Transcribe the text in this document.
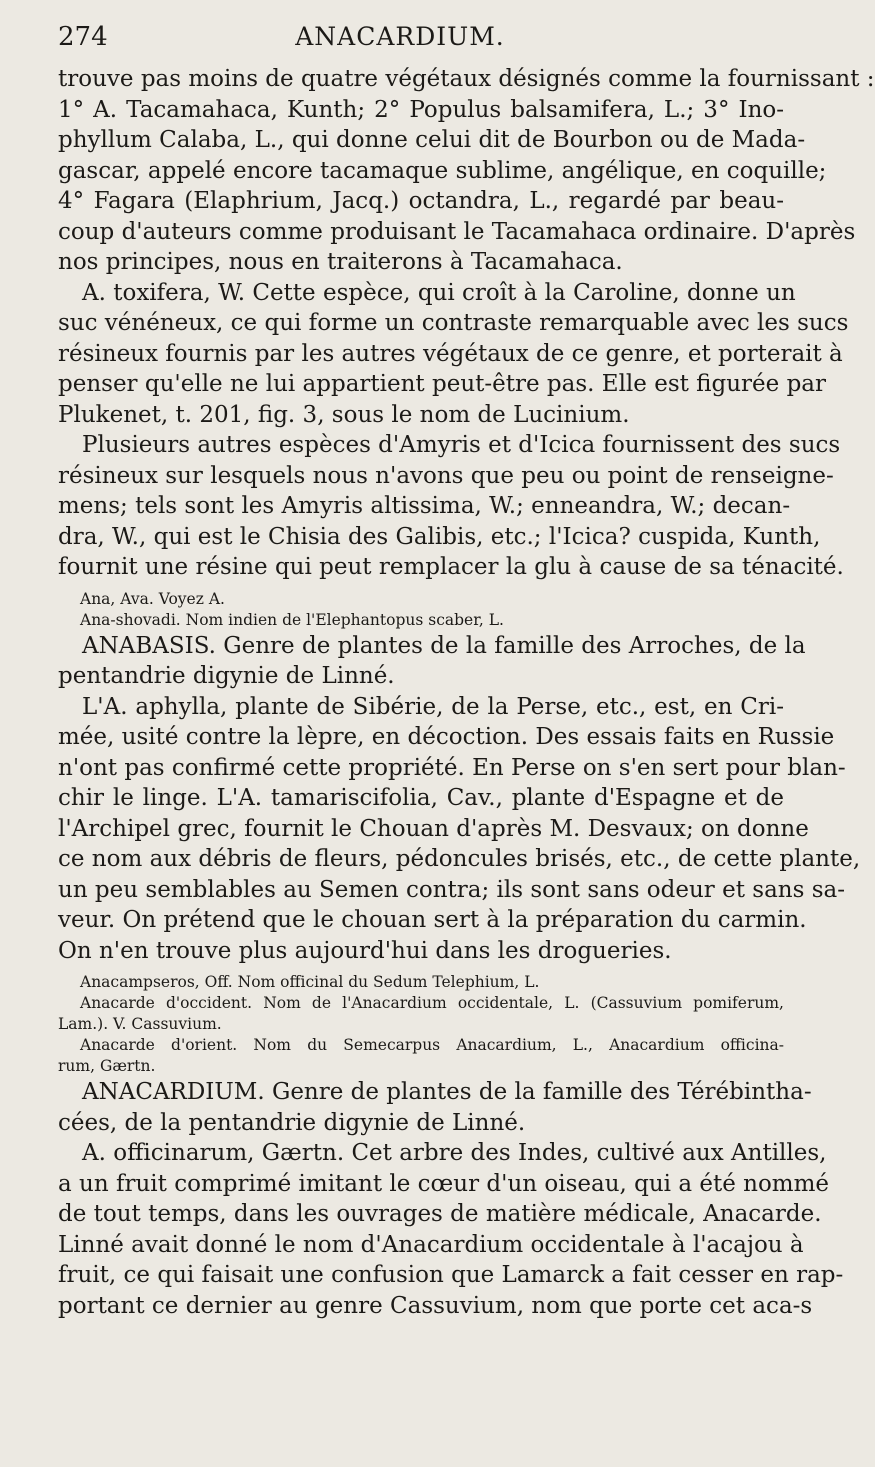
274	ANACARDIUM.
trouve pas moins de quatre végétaux désignés comme la fournissant :
1° A. Tacamahaca, Kunth; 2° Populus balsamifera, L.; 3° Ino-
phyllum Calaba, L., qui donne celui dit de Bourbon ou de Mada-
gascar, appelé encore tacamaque sublime, angélique, en coquille;
4° Fagara (Elaphrium, Jacq.) octandra, L., regardé par beau-
coup d'auteurs comme produisant le Tacamahaca ordinaire. D'après
nos principes, nous en traiterons à Tacamahaca.
A. toxifera, W. Cette espèce, qui croît à la Caroline, donne un
suc vénéneux, ce qui forme un contraste remarquable avec les sucs
résineux fournis par les autres végétaux de ce genre, et porterait à
penser qu'elle ne lui appartient peut-être pas. Elle est figurée par
Plukenet, t. 201, fig. 3, sous le nom de Lucinium.
Plusieurs autres espèces d'Amyris et d'Icica fournissent des sucs
résineux sur lesquels nous n'avons que peu ou point de renseigne-
mens; tels sont les Amyris altissima, W.; enneandra, W.; decan-
dra, W., qui est le Chisia des Galibis, etc.; l'Icica? cuspida, Kunth,
fournit une résine qui peut remplacer la glu à cause de sa ténacité.
Ana, Ava. Voyez A.
Ana-shovadi. Nom indien de l'Elephantopus scaber, L.
ANABASIS. Genre de plantes de la famille des Arroches, de la
pentandrie digynie de Linné.
L'A. aphylla, plante de Sibérie, de la Perse, etc., est, en Cri-
mée, usité contre la lèpre, en décoction. Des essais faits en Russie
n'ont pas confirmé cette propriété. En Perse on s'en sert pour blan-
chir le linge. L'A. tamariscifolia, Cav., plante d'Espagne et de
l'Archipel grec, fournit le Chouan d'après M. Desvaux; on donne
ce nom aux débris de fleurs, pédoncules brisés, etc., de cette plante,
un peu semblables au Semen contra; ils sont sans odeur et sans sa-
veur. On prétend que le chouan sert à la préparation du carmin.
On n'en trouve plus aujourd'hui dans les drogueries.
Anacampseros, Off. Nom officinal du Sedum Telephium, L.
Anacarde d'occident. Nom de l'Anacardium occidentale, L. (Cassuvium pomiferum,
Lam.). V. Cassuvium.
Anacarde d'orient. Nom du Semecarpus Anacardium, L., Anacardium officina-
rum, Gærtn.
ANACARDIUM. Genre de plantes de la famille des Térébintha-
cées, de la pentandrie digynie de Linné.
A. officinarum, Gærtn. Cet arbre des Indes, cultivé aux Antilles,
a un fruit comprimé imitant le cœur d'un oiseau, qui a été nommé
de tout temps, dans les ouvrages de matière médicale, Anacarde.
Linné avait donné le nom d'Anacardium occidentale à l'acajou à
fruit, ce qui faisait une confusion que Lamarck a fait cesser en rap-
portant ce dernier au genre Cassuvium, nom que porte cet aca-s
